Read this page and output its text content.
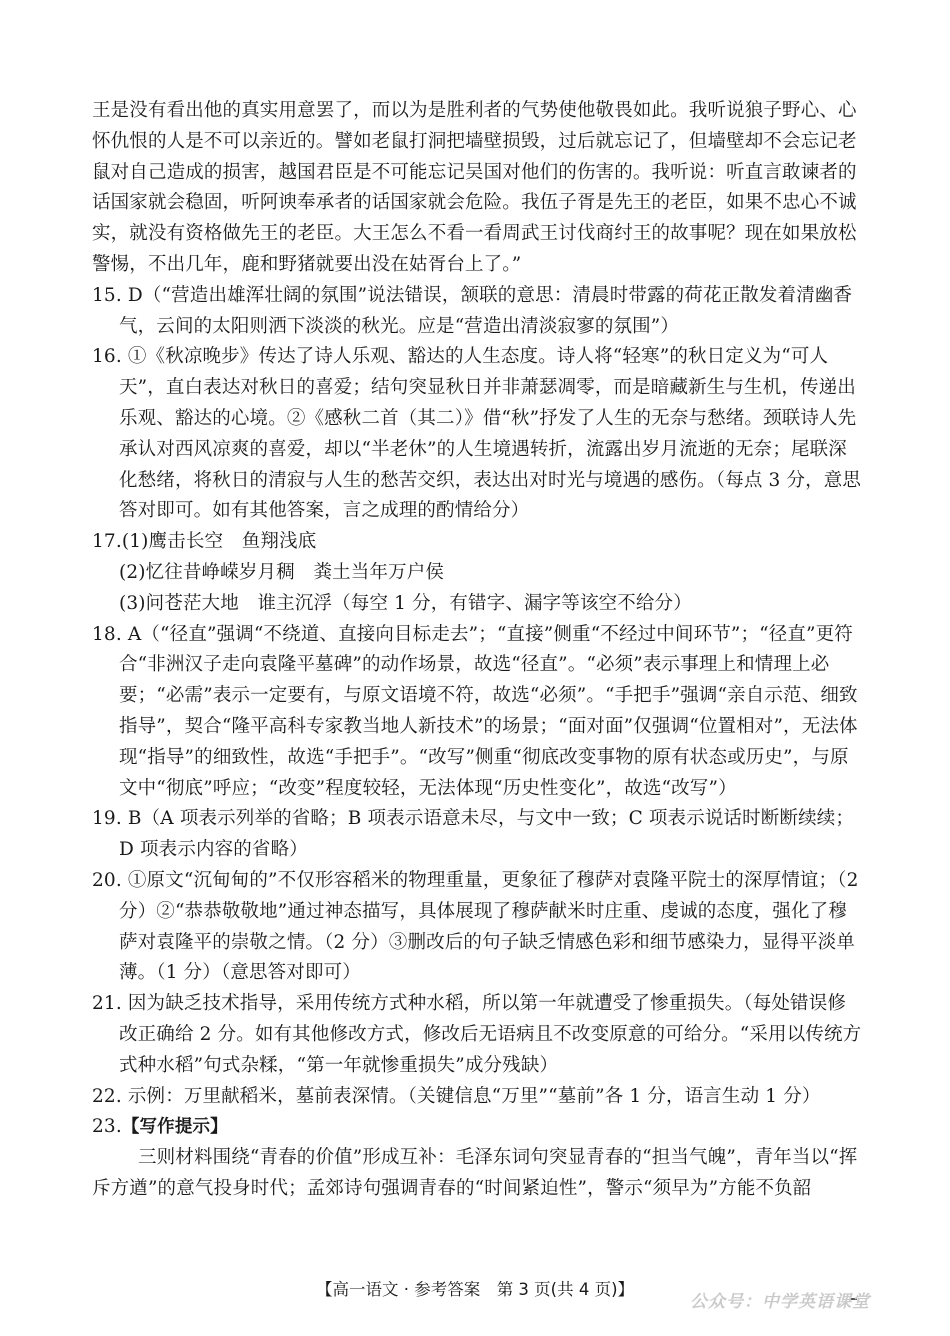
王是没有看出他的真实用意罢了，而以为是胜利者的气势使他敬畏如此。我听说狼子野心、心

怀仇恨的人是不可以亲近的。譬如老鼠打洞把墙壁损毁，过后就忘记了，但墙壁却不会忘记老

鼠对自己造成的损害，越国君臣是不可能忘记吴国对他们的伤害的。我听说：听直言敢谏者的

话国家就会稳固，听阿谀奉承者的话国家就会危险。我伍子胥是先王的老臣，如果不忠心不诚

实，就没有资格做先王的老臣。大王怎么不看一看周武王讨伐商纣王的故事呢？现在如果放松

警惕，不出几年，鹿和野猪就要出没在姑胥台上了。”

15. D（“营造出雄浑壮阔的氛围”说法错误，颔联的意思：清晨时带露的荷花正散发着清幽香气，云间的太阳则洒下淡淡的秋光。应是“营造出清淡寂寥的氛围”）

16. ①《秋凉晚步》传达了诗人乐观、豁达的人生态度。诗人将“轻寒”的秋日定义为“可人天”，直白表达对秋日的喜爱；结句突显秋日并非萧瑟凋零，而是暗藏新生与生机，传递出乐观、豁达的心境。②《感秋二首（其二）》借“秋”抒发了人生的无奈与愁绪。颈联诗人先承认对西风凉爽的喜爱，却以“半老休”的人生境遇转折，流露出岁月流逝的无奈；尾联深化愁绪，将秋日的清寂与人生的愁苦交织，表达出对时光与境遇的感伤。（每点 3 分，意思答对即可。如有其他答案，言之成理的酌情给分）

17.(1)鹰击长空　鱼翔浅底

(2)忆往昔峥嵘岁月稠　粪土当年万户侯

(3)问苍茫大地　谁主沉浮（每空 1 分，有错字、漏字等该空不给分）

18. A（“径直”强调“不绕道、直接向目标走去”；“直接”侧重“不经过中间环节”；“径直”更符合“非洲汉子走向袁隆平墓碑”的动作场景，故选“径直”。“必须”表示事理上和情理上必要；“必需”表示一定要有，与原文语境不符，故选“必须”。“手把手”强调“亲自示范、细致指导”，契合“隆平高科专家教当地人新技术”的场景；“面对面”仅强调“位置相对”，无法体现“指导”的细致性，故选“手把手”。“改写”侧重“彻底改变事物的原有状态或历史”，与原文中“彻底”呼应；“改变”程度较轻，无法体现“历史性变化”，故选“改写”）

19. B（A 项表示列举的省略；B 项表示语意未尽，与文中一致；C 项表示说话时断断续续；D 项表示内容的省略）

20. ①原文“沉甸甸的”不仅形容稻米的物理重量，更象征了穆萨对袁隆平院士的深厚情谊；（2 分）②“恭恭敬敬地”通过神态描写，具体展现了穆萨献米时庄重、虔诚的态度，强化了穆萨对袁隆平的崇敬之情。（2 分）③删改后的句子缺乏情感色彩和细节感染力，显得平淡单薄。（1 分）（意思答对即可）

21. 因为缺乏技术指导，采用传统方式种水稻，所以第一年就遭受了惨重损失。（每处错误修改正确给 2 分。如有其他修改方式，修改后无语病且不改变原意的可给分。“采用以传统方式种水稻”句式杂糅，“第一年就惨重损失”成分残缺）

22. 示例：万里献稻米，墓前表深情。（关键信息“万里”“墓前”各 1 分，语言生动 1 分）

23.【写作提示】

三则材料围绕“青春的价值”形成互补：毛泽东词句突显青春的“担当气魄”，青年当以“挥斥方遒”的意气投身时代；孟郊诗句强调青春的“时间紧迫性”，警示“须早为”方能不负韶

【高一语文 · 参考答案　第 3 页(共 4 页)】
公众号：中学英语课堂
